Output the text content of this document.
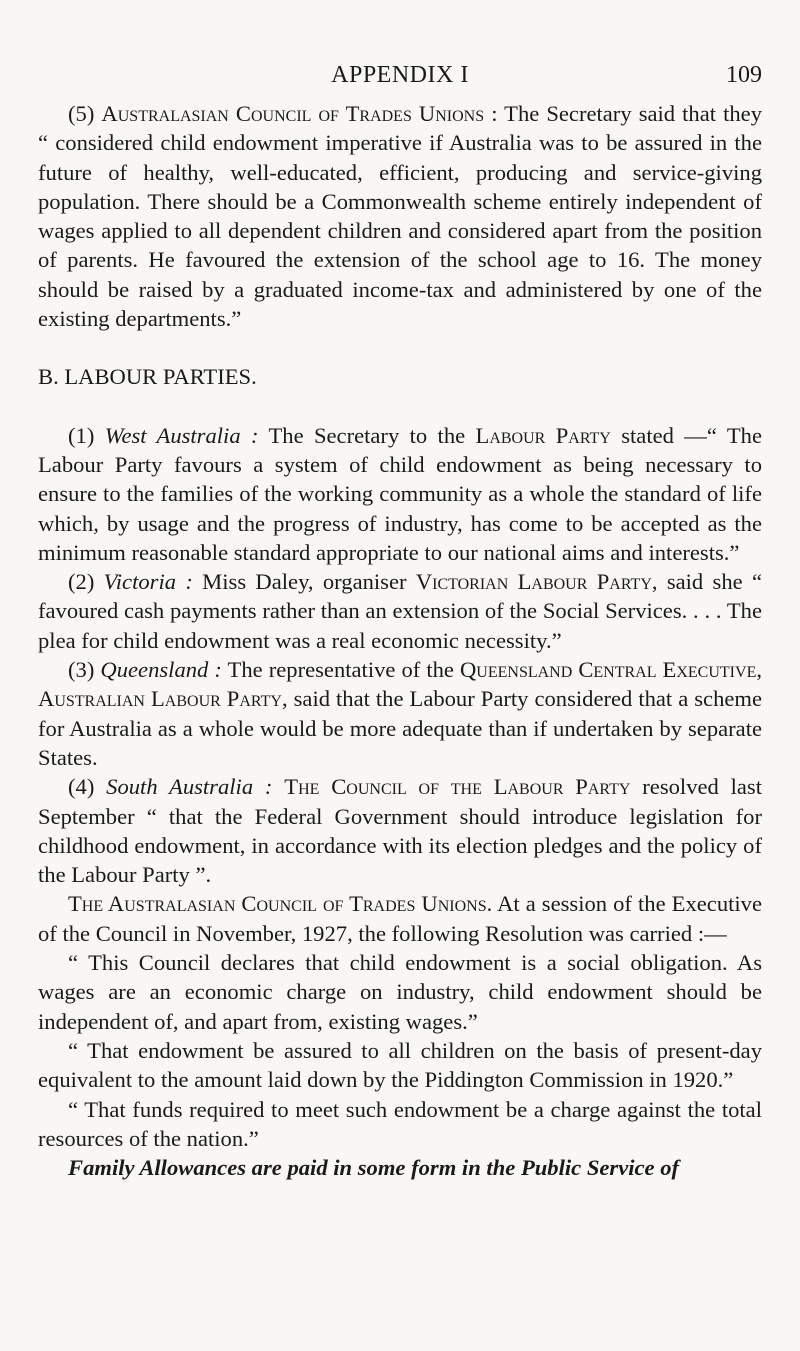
APPENDIX I	109

(5) Australasian Council of Trades Unions : The Secretary said that they “ considered child endowment imperative if Australia was to be assured in the future of healthy, well-educated, efficient, producing and service-giving population. There should be a Commonwealth scheme entirely independent of wages applied to all dependent children and considered apart from the position of parents. He favoured the extension of the school age to 16. The money should be raised by a graduated income-tax and administered by one of the existing departments.”

B. LABOUR PARTIES.

(1) West Australia : The Secretary to the Labour Party stated —“ The Labour Party favours a system of child endowment as being necessary to ensure to the families of the working community as a whole the standard of life which, by usage and the progress of industry, has come to be accepted as the minimum reasonable standard appropriate to our national aims and interests.”

(2) Victoria : Miss Daley, organiser Victorian Labour Party, said she “ favoured cash payments rather than an extension of the Social Services. . . . The plea for child endowment was a real economic necessity.”

(3) Queensland : The representative of the Queensland Central Executive, Australian Labour Party, said that the Labour Party considered that a scheme for Australia as a whole would be more adequate than if undertaken by separate States.

(4) South Australia : The Council of the Labour Party resolved last September “ that the Federal Government should introduce legislation for childhood endowment, in accordance with its election pledges and the policy of the Labour Party ”.

The Australasian Council of Trades Unions. At a session of the Executive of the Council in November, 1927, the following Resolution was carried :—

“ This Council declares that child endowment is a social obligation. As wages are an economic charge on industry, child endowment should be independent of, and apart from, existing wages.”

“ That endowment be assured to all children on the basis of present-day equivalent to the amount laid down by the Piddington Commission in 1920.”

“ That funds required to meet such endowment be a charge against the total resources of the nation.”

Family Allowances are paid in some form in the Public Service of
